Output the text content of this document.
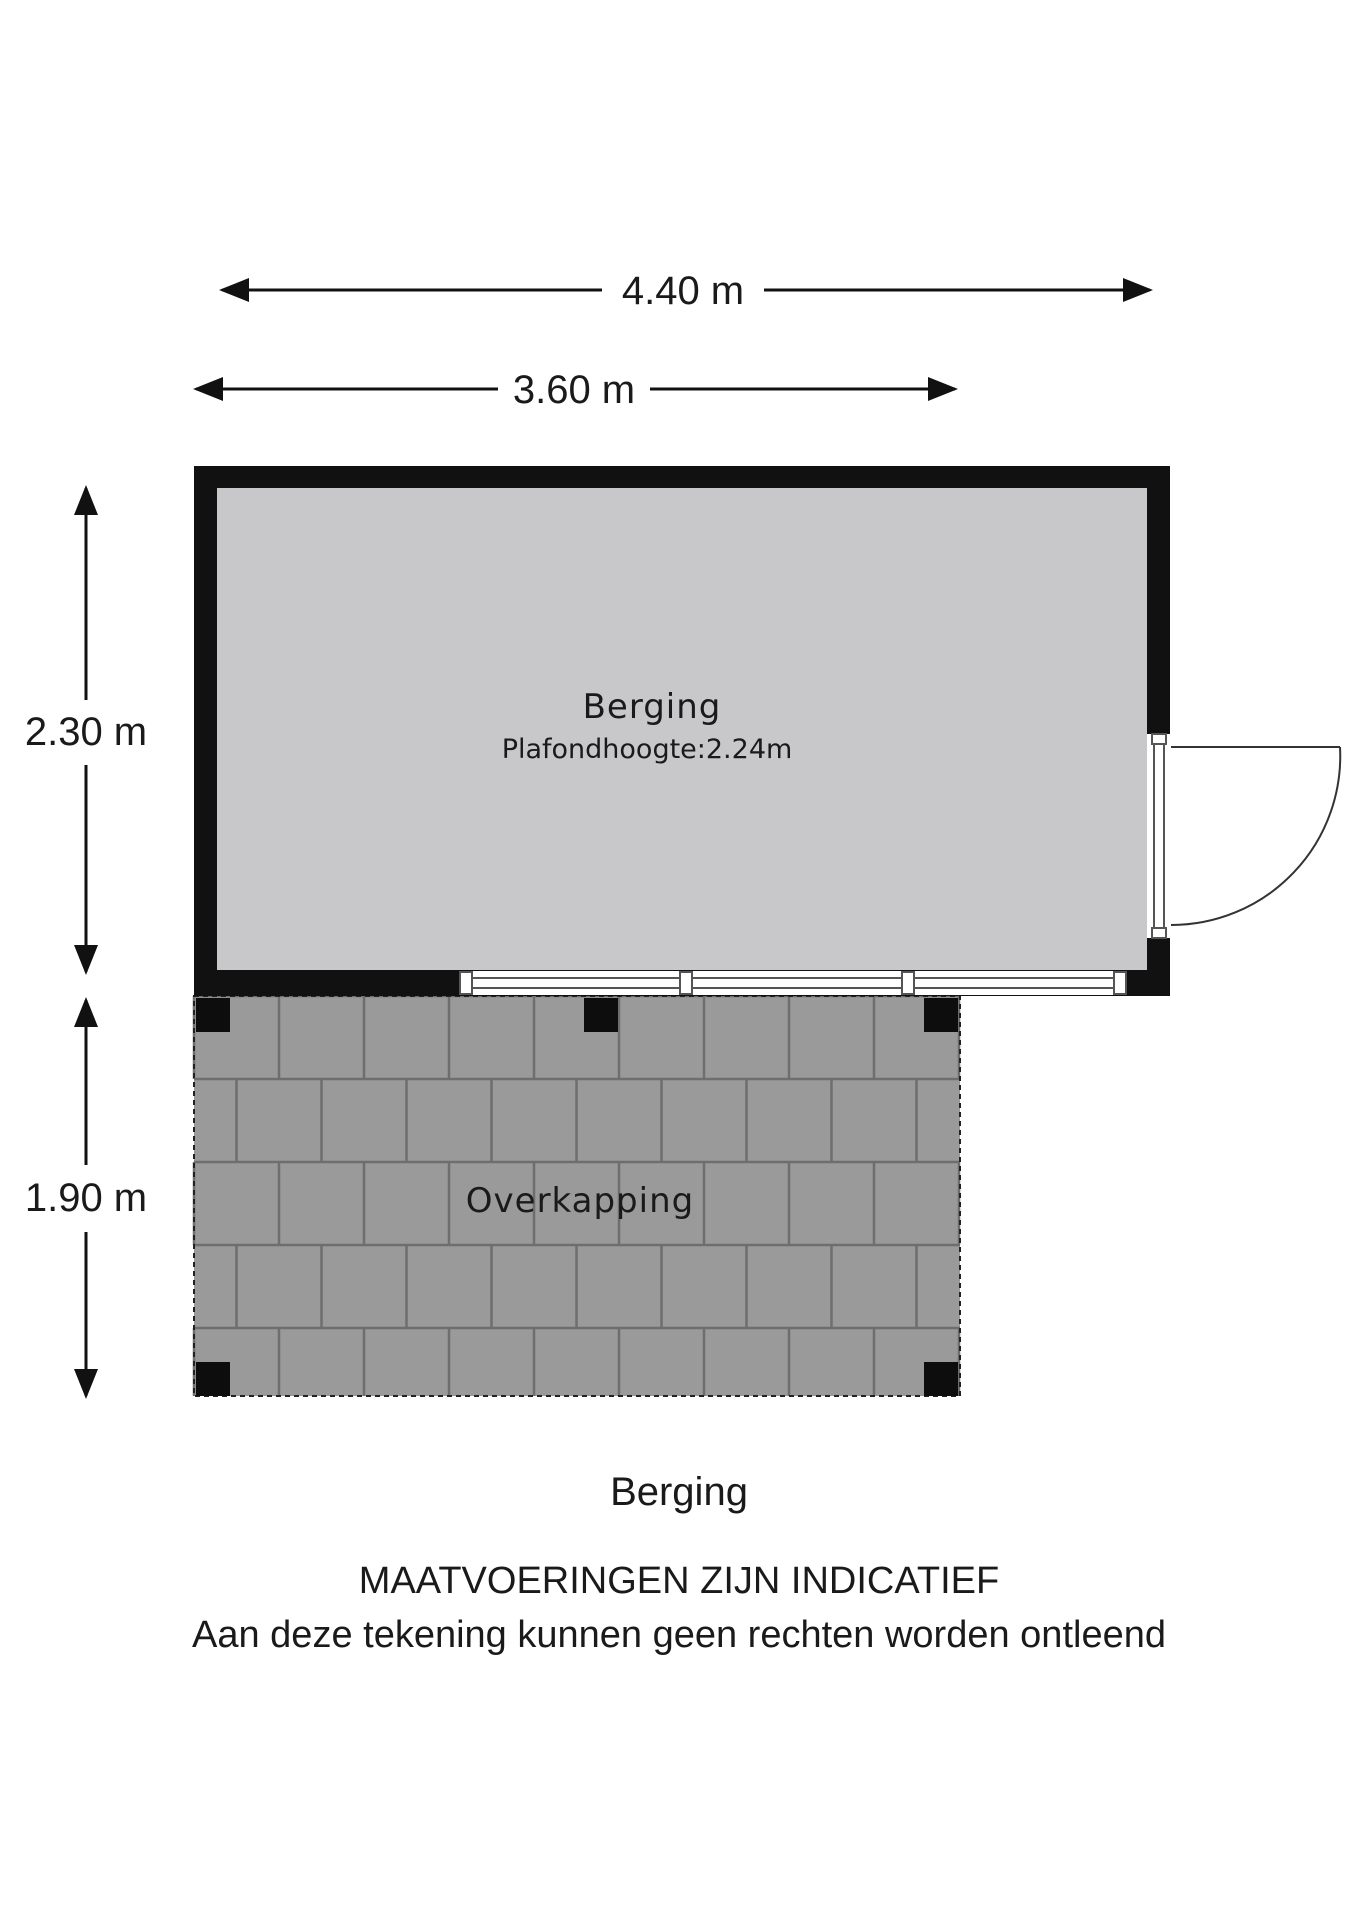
4.40 m
3.60 m
2.30 m
1.90 m
Berging
Plafondhoogte:2.24m
Overkapping
Berging
MAATVOERINGEN ZIJN INDICATIEF
Aan deze tekening kunnen geen rechten worden ontleend
